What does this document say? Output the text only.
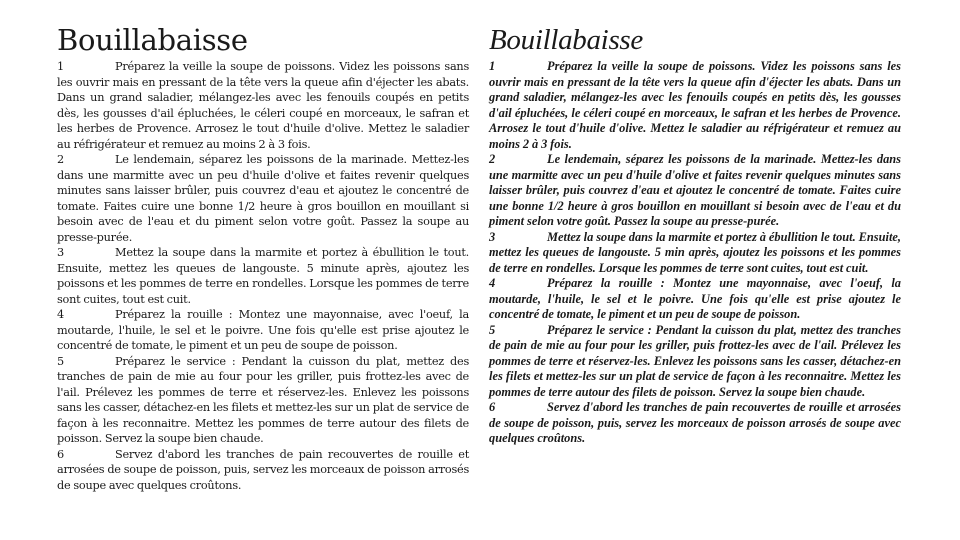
Bouillabaisse

1	Préparez la veille la soupe de poissons. Videz les poissons sans les ouvrir mais en pressant de la tête vers la queue afin d'éjecter les abats. Dans un grand saladier, mélangez-les avec les fenouils coupés en petits dès, les gousses d'ail épluchées, le céleri coupé en morceaux, le safran et les herbes de Provence. Arrosez le tout d'huile d'olive. Mettez le saladier au réfrigérateur et remuez au moins 2 à 3 fois.

2	Le lendemain, séparez les poissons de la marinade. Mettez-les dans une marmitte avec un peu d'huile d'olive et faites revenir quelques minutes sans laisser brûler, puis couvrez d'eau et ajoutez le concentré de tomate. Faites cuire une bonne 1/2 heure à gros bouillon en mouillant si besoin avec de l'eau et du piment selon votre goût. Passez la soupe au presse-purée.

3	Mettez la soupe dans la marmite et portez à ébullition le tout. Ensuite, mettez les queues de langouste. 5 minute après, ajoutez les poissons et les pommes de terre en rondelles. Lorsque les pommes de terre sont cuites, tout est cuit.

4	Préparez la rouille : Montez une mayonnaise, avec l'oeuf, la moutarde, l'huile, le sel et le poivre. Une fois qu'elle est prise ajoutez le concentré de tomate, le piment et un peu de soupe de poisson.

5	Préparez le service : Pendant la cuisson du plat, mettez des tranches de pain de mie au four pour les griller, puis frottez-les avec de l'ail. Prélevez les pommes de terre et réservez-les. Enlevez les poissons sans les casser, détachez-en les filets et mettez-les sur un plat de service de façon à les reconnaitre. Mettez les pommes de terre autour des filets de poisson. Servez la soupe bien chaude.

6	Servez d'abord les tranches de pain recouvertes de rouille et arrosées de soupe de poisson, puis, servez les morceaux de poisson arrosés de soupe avec quelques croûtons.

Bouillabaisse

1	Préparez la veille la soupe de poissons. Videz les poissons sans les ouvrir mais en pressant de la tête vers la queue afin d'éjecter les abats. Dans un grand saladier, mélangez-les avec les fenouils coupés en petits dès, les gousses d'ail épluchées, le céleri coupé en morceaux, le safran et les herbes de Provence. Arrosez le tout d'huile d'olive. Mettez le saladier au réfrigérateur et remuez au moins 2 à 3 fois.

2	Le lendemain, séparez les poissons de la marinade. Mettez-les dans une marmitte avec un peu d'huile d'olive et faites revenir quelques minutes sans laisser brûler, puis couvrez d'eau et ajoutez le concentré de tomate. Faites cuire une bonne 1/2 heure à gros bouillon en mouillant si besoin avec de l'eau et du piment selon votre goût. Passez la soupe au presse-purée.

3	Mettez la soupe dans la marmite et portez à ébullition le tout. Ensuite, mettez les queues de langouste. 5 min après, ajoutez les poissons et les pommes de terre en rondelles. Lorsque les pommes de terre sont cuites, tout est cuit.

4	Préparez la rouille : Montez une mayonnaise, avec l'oeuf, la moutarde, l'huile, le sel et le poivre. Une fois qu'elle est prise ajoutez le concentré de tomate, le piment et un peu de soupe de poisson.

5	Préparez le service : Pendant la cuisson du plat, mettez des tranches de pain de mie au four pour les griller, puis frottez-les avec de l'ail. Prélevez les pommes de terre et réservez-les. Enlevez les poissons sans les casser, détachez-en les filets et mettez-les sur un plat de service de façon à les reconnaitre. Mettez les pommes de terre autour des filets de poisson. Servez la soupe bien chaude.

6	Servez d'abord les tranches de pain recouvertes de rouille et arrosées de soupe de poisson, puis, servez les morceaux de poisson arrosés de soupe avec quelques croûtons.
